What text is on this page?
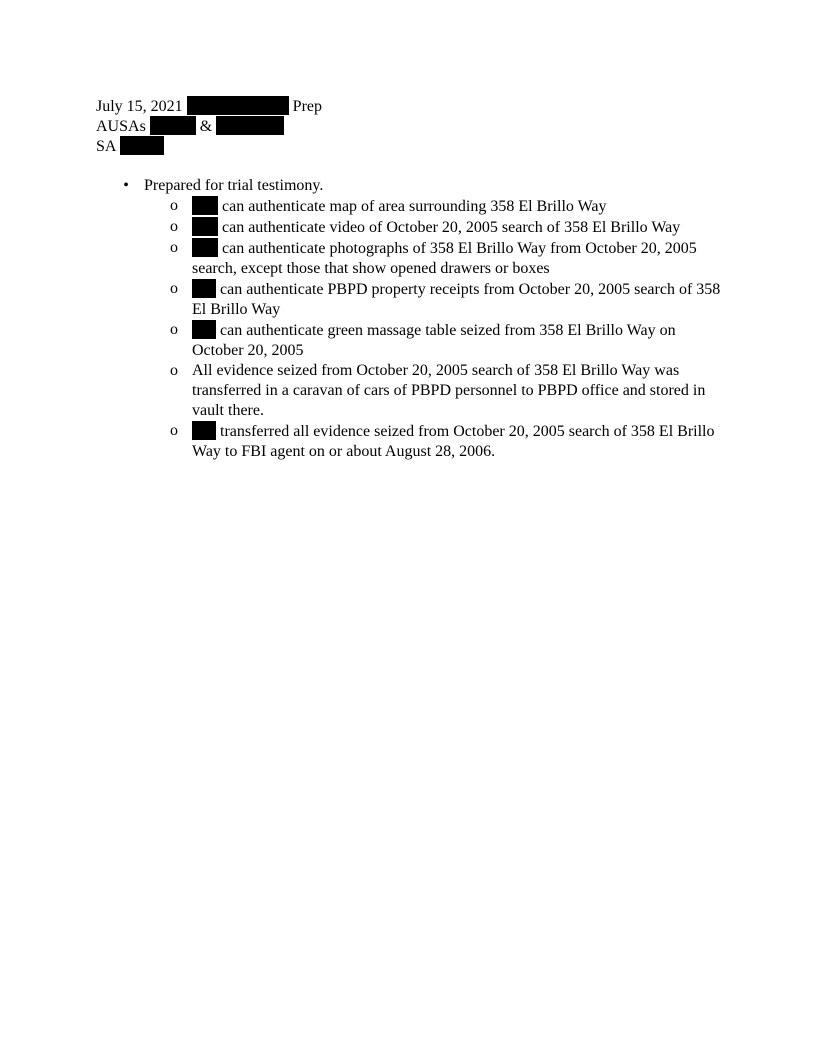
July 15, 2021	Prep
AUSAs	&
SA
• Prepared for trial testimony.
o	can authenticate map of area surrounding 358 El Brillo Way
o	can authenticate video of October 20, 2005 search of 358 El Brillo Way
o	can authenticate photographs of 358 El Brillo Way from October 20, 2005 search, except those that show opened drawers or boxes
o	can authenticate PBPD property receipts from October 20, 2005 search of 358 El Brillo Way
o	can authenticate green massage table seized from 358 El Brillo Way on October 20, 2005
o All evidence seized from October 20, 2005 search of 358 El Brillo Way was transferred in a caravan of cars of PBPD personnel to PBPD office and stored in vault there.
o	transferred all evidence seized from October 20, 2005 search of 358 El Brillo Way to FBI agent on or about August 28, 2006.
